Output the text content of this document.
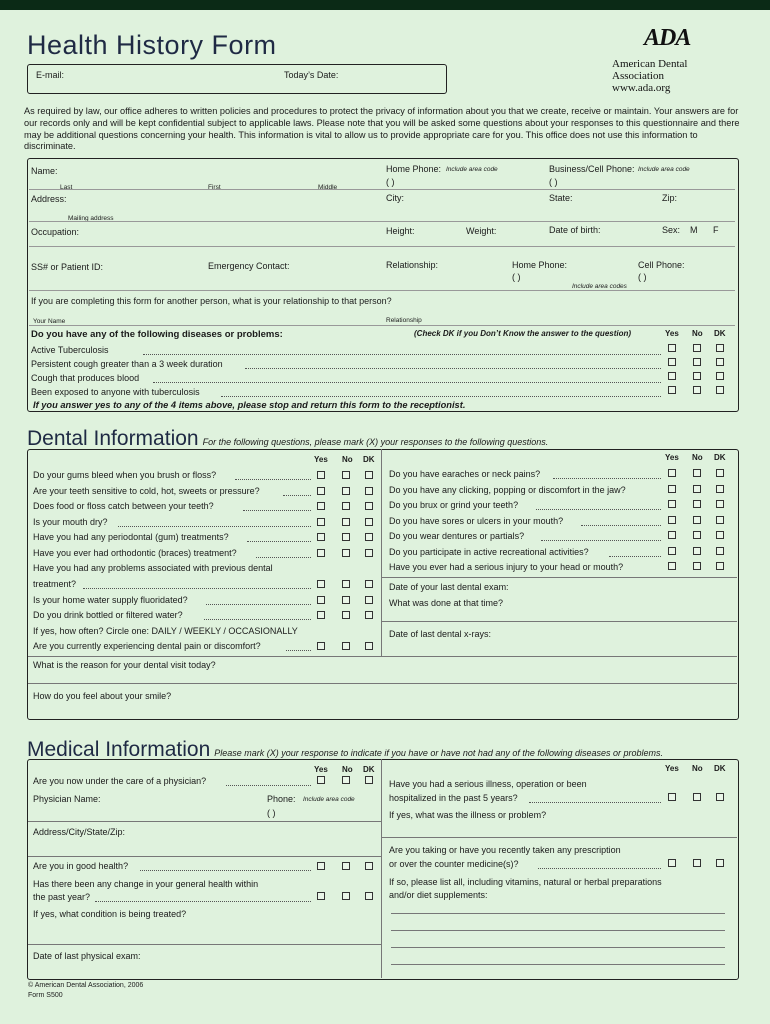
Health History Form	ADA
American Dental Association
www.ada.org
E-mail:	Today’s Date:
As required by law, our office adheres to written policies and procedures to protect the privacy of information about you that we create, receive or maintain. Your answers are for our records only and will be kept confidential subject to applicable laws. Please note that you will be asked some questions about your responses to this questionnaire and there may be additional questions concerning your health. This information is vital to allow us to provide appropriate care for you. This office does not use this information to discriminate.
Name:	Home Phone: Include area code	Business/Cell Phone: Include area code
( )	( )
Last	First	Middle
Address:	City:	State:	Zip:
Mailing address
Occupation:	Height:	Weight:	Date of birth:	Sex: M F
SS# or Patient ID:	Emergency Contact:	Relationship:	Home Phone:	Cell Phone:
( )	( )
Include area codes
If you are completing this form for another person, what is your relationship to that person?
Your Name	Relationship
Do you have any of the following diseases or problems:	(Check DK if you Don’t Know the answer to the question)	Yes No DK
Active Tuberculosis
Persistent cough greater than a 3 week duration
Cough that produces blood
Been exposed to anyone with tuberculosis
If you answer yes to any of the 4 items above, please stop and return this form to the receptionist.
Dental Information For the following questions, please mark (X) your responses to the following questions.
Yes No DK	Yes No DK
Do your gums bleed when you brush or floss?
Are your teeth sensitive to cold, hot, sweets or pressure?
Does food or floss catch between your teeth?
Is your mouth dry?
Have you had any periodontal (gum) treatments?
Have you ever had orthodontic (braces) treatment?
Have you had any problems associated with previous dental
treatment?
Is your home water supply fluoridated?
Do you drink bottled or filtered water?
If yes, how often? Circle one: DAILY / WEEKLY / OCCASIONALLY
Are you currently experiencing dental pain or discomfort?
Do you have earaches or neck pains?
Do you have any clicking, popping or discomfort in the jaw?
Do you brux or grind your teeth?
Do you have sores or ulcers in your mouth?
Do you wear dentures or partials?
Do you participate in active recreational activities?
Have you ever had a serious injury to your head or mouth?
Date of your last dental exam:
What was done at that time?
Date of last dental x-rays:
What is the reason for your dental visit today?
How do you feel about your smile?
Medical Information Please mark (X) your response to indicate if you have or have not had any of the following diseases or problems.
Yes No DK	Yes No DK
Are you now under the care of a physician?
Physician Name:	Phone: Include area code
( )
Address/City/State/Zip:
Are you in good health?
Has there been any change in your general health within
the past year?
If yes, what condition is being treated?
Date of last physical exam:
Have you had a serious illness, operation or been
hospitalized in the past 5 years?
If yes, what was the illness or problem?
Are you taking or have you recently taken any prescription
or over the counter medicine(s)?
If so, please list all, including vitamins, natural or herbal preparations
and/or diet supplements:
© American Dental Association, 2006
Form S500
